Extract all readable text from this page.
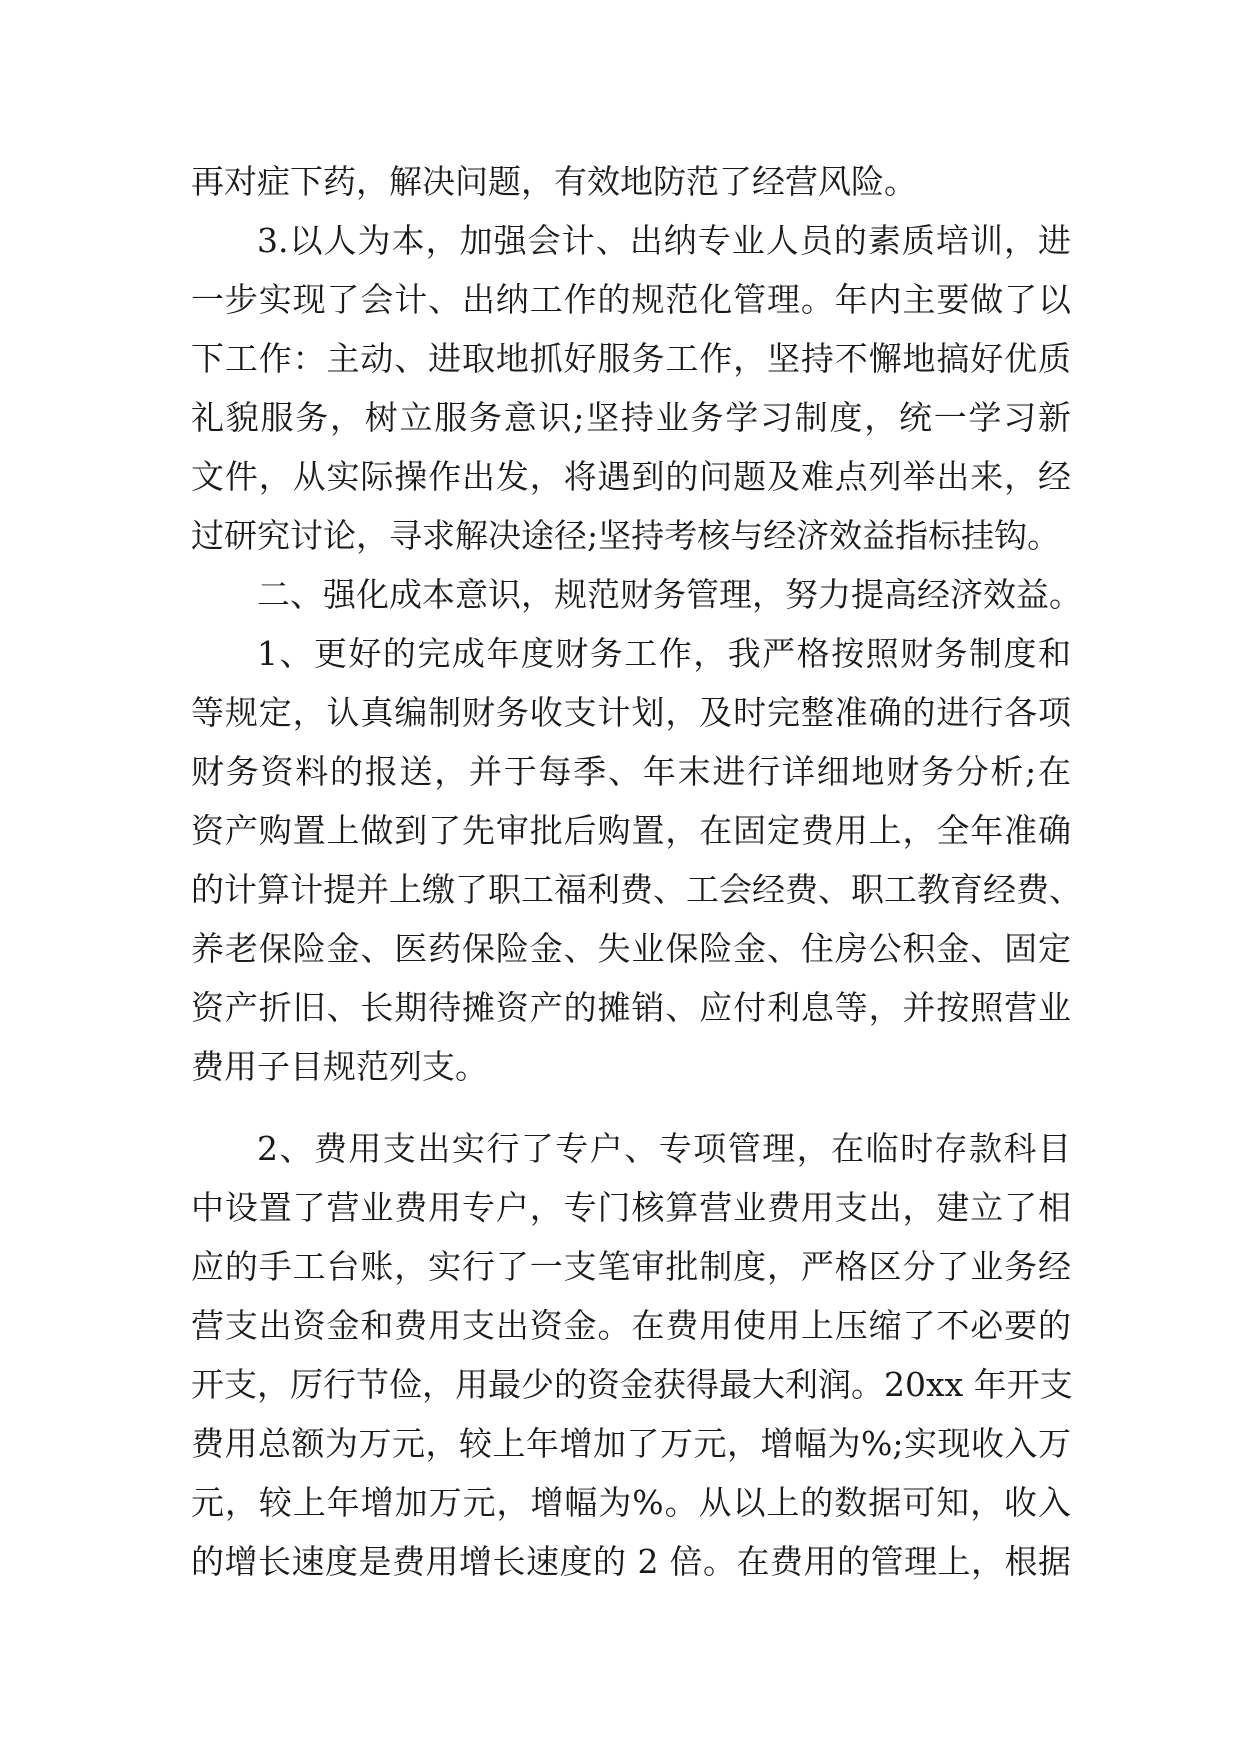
再对症下药，解决问题，有效地防范了经营风险。
3.以人为本，加强会计、出纳专业人员的素质培训，进
一步实现了会计、出纳工作的规范化管理。年内主要做了以
下工作：主动、进取地抓好服务工作，坚持不懈地搞好优质
礼貌服务，树立服务意识;坚持业务学习制度，统一学习新
文件，从实际操作出发，将遇到的问题及难点列举出来，经
过研究讨论，寻求解决途径;坚持考核与经济效益指标挂钩。
二、强化成本意识，规范财务管理，努力提高经济效益。
1、更好的完成年度财务工作，我严格按照财务制度和
等规定，认真编制财务收支计划，及时完整准确的进行各项
财务资料的报送，并于每季、年末进行详细地财务分析;在
资产购置上做到了先审批后购置，在固定费用上，全年准确
的计算计提并上缴了职工福利费、工会经费、职工教育经费、
养老保险金、医药保险金、失业保险金、住房公积金、固定
资产折旧、长期待摊资产的摊销、应付利息等，并按照营业
费用子目规范列支。
2、费用支出实行了专户、专项管理，在临时存款科目
中设置了营业费用专户，专门核算营业费用支出，建立了相
应的手工台账，实行了一支笔审批制度，严格区分了业务经
营支出资金和费用支出资金。在费用使用上压缩了不必要的
开支，厉行节俭，用最少的资金获得最大利润。20xx 年开支
费用总额为万元，较上年增加了万元，增幅为%;实现收入万
元，较上年增加万元，增幅为%。从以上的数据可知，收入
的增长速度是费用增长速度的 2 倍。在费用的管理上，根据
